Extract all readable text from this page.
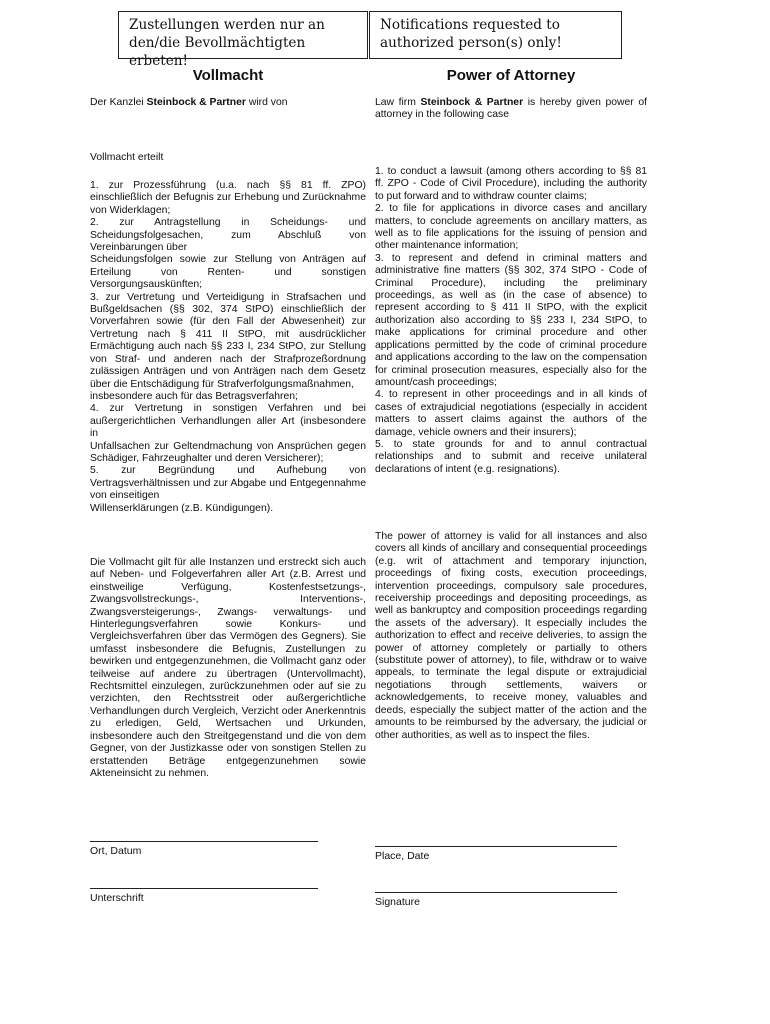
Zustellungen werden nur an den/die Bevollmächtigten erbeten!
Notifications requested to authorized person(s) only!
Vollmacht	Power of Attorney
Der Kanzlei Steinbock & Partner wird von	Law firm Steinbock & Partner is hereby given power of attorney in the following case
Vollmacht erteilt

1. zur Prozessführung (u.a. nach §§ 81 ff. ZPO) einschließlich der Befugnis zur Erhebung und Zurücknahme von Widerklagen;

2. zur Antragstellung in Scheidungs- und Scheidungsfolgesachen, zum Abschluß von Vereinbarungen über
Scheidungsfolgen sowie zur Stellung von Anträgen auf Erteilung von Renten- und sonstigen Versorgungsauskünften;

3. zur Vertretung und Verteidigung in Strafsachen und Bußgeldsachen (§§ 302, 374 StPO) einschließlich der Vorverfahren sowie (für den Fall der Abwesenheit) zur Vertretung nach § 411 II StPO, mit ausdrücklicher Ermächtigung auch nach §§ 233 I, 234 StPO, zur Stellung von Straf- und anderen nach der Strafprozeßordnung zulässigen Anträgen und von Anträgen nach dem Gesetz über die Entschädigung für Strafverfolgungsmaßnahmen,
insbesondere auch für das Betragsverfahren;

4. zur Vertretung in sonstigen Verfahren und bei außergerichtlichen Verhandlungen aller Art (insbesondere in
Unfallsachen zur Geltendmachung von Ansprüchen gegen Schädiger, Fahrzeughalter und deren Versicherer);

5. zur Begründung und Aufhebung von Vertragsverhältnissen und zur Abgabe und Entgegennahme von einseitigen
Willenserklärungen (z.B. Kündigungen).

1. to conduct a lawsuit (among others according to §§ 81 ff. ZPO - Code of Civil Procedure), including the authority to put forward and to withdraw counter claims;

2. to file for applications in divorce cases and ancillary matters, to conclude agreements on ancillary matters, as well as to file applications for the issuing of pension and other maintenance information;

3. to represent and defend in criminal matters and administrative fine matters (§§ 302, 374 StPO - Code of Criminal Procedure), including the preliminary proceedings, as well as (in the case of absence) to represent according to § 411 II StPO, with the explicit authorization also according to §§ 233 I, 234 StPO, to make applications for criminal procedure and other applications permitted by the code of criminal procedure and applications according to the law on the compensation for criminal prosecution measures, especially also for the amount/cash proceedings;

4. to represent in other proceedings and in all kinds of cases of extrajudicial negotiations (especially in accident matters to assert claims against the authors of the damage, vehicle owners and their insurers);

5. to state grounds for and to annul contractual relationships and to submit and receive unilateral declarations of intent (e.g. resignations).

Die Vollmacht gilt für alle Instanzen und erstreckt sich auch auf Neben- und Folgeverfahren aller Art (z.B. Arrest und einstweilige Verfügung, Kostenfestsetzungs-, Zwangsvollstreckungs-, Interventions-, Zwangsversteigerungs-, Zwangs- verwaltungs- und Hinterlegungsverfahren sowie Konkurs- und Vergleichsverfahren über das Vermögen des Gegners). Sie umfasst insbesondere die Befugnis, Zustellungen zu bewirken und entgegenzunehmen, die Vollmacht ganz oder teilweise auf andere zu übertragen (Untervollmacht), Rechtsmittel einzulegen, zurückzunehmen oder auf sie zu verzichten, den Rechtsstreit oder außergerichtliche Verhandlungen durch Vergleich, Verzicht oder Anerkenntnis zu erledigen, Geld, Wertsachen und Urkunden, insbesondere auch den Streitgegenstand und die von dem Gegner, von der Justizkasse oder von sonstigen Stellen zu erstattenden Beträge entgegenzunehmen sowie Akteneinsicht zu nehmen.
The power of attorney is valid for all instances and also covers all kinds of ancillary and consequential proceedings (e.g. writ of attachment and temporary injunction, proceedings of fixing costs, execution proceedings, intervention proceedings, compulsory sale procedures, receivership proceedings and depositing proceedings, as well as bankruptcy and composition proceedings regarding the assets of the adversary). It especially includes the authorization to effect and receive deliveries, to assign the power of attorney completely or partially to others (substitute power of attorney), to file, withdraw or to waive appeals, to terminate the legal dispute or extrajudicial negotiations through settlements, waivers or acknowledgements, to receive money, valuables and deeds, especially the subject matter of the action and the amounts to be reimbursed by the adversary, the judicial or other authorities, as well as to inspect the files.
Ort, Datum	Place, Date
Unterschrift	Signature
